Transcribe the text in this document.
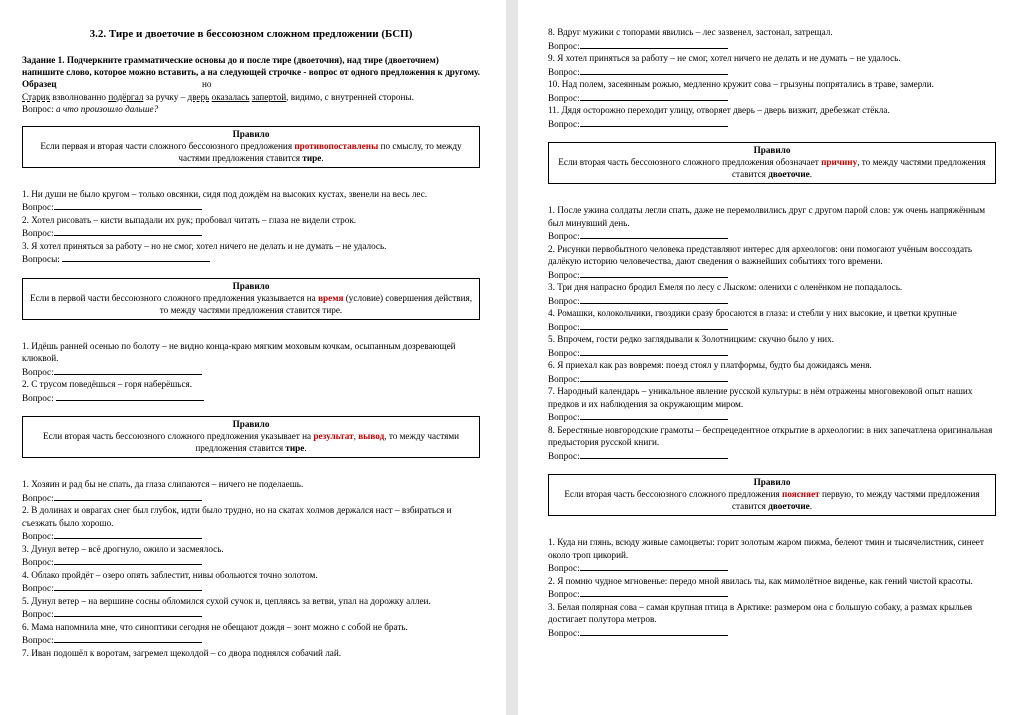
3.2. Тире и двоеточие в бессоюзном сложном предложении (БСП)

Задание 1. Подчеркните грамматические основы до и после тире (двоеточия), над тире (двоеточием) напишите слово, которое можно вставить, а на следующей строчке - вопрос от одного предложения к другому.

Образец	но

Старик взволнованно подёргал за ручку – дверь оказалась запертой, видимо, с внутренней стороны.

Вопрос: а что произошло дальше?

Правило
Если первая и вторая части сложного бессоюзного предложения противопоставлены по смыслу, то между частями предложения ставится тире.

1. Ни души не было кругом – только овсянки, сидя под дождём на высоких кустах, звенели на весь лес.

Вопрос:

2. Хотел рисовать – кисти выпадали их рук; пробовал читать – глаза не видели строк.

Вопрос:

3. Я хотел приняться за работу – но не смог, хотел ничего не делать и не думать – не удалось.

Вопросы:
Правило
Если в первой части бессоюзного сложного предложения указывается на время (условие) совершения действия, то между частями предложения ставится тире.

1. Идёшь ранней осенью по болоту – не видно конца-краю мягким моховым кочкам, осыпанным дозревающей клюквой.

Вопрос:

2. С трусом поведёшься – горя наберёшься.

Вопрос:
Правило
Если вторая часть бессоюзного сложного предложения указывает на результат, вывод, то между частями предложения ставится тире.

1. Хозяин и рад бы не спать, да глаза слипаются – ничего не поделаешь.

Вопрос:

2. В долинах и оврагах снег был глубок, идти было трудно, но на скатах холмов держался наст – взбираться и съезжать было хорошо.

Вопрос:

3. Дунул ветер – всё дрогнуло, ожило и засмеялось.

Вопрос:

4. Облако пройдёт – озеро опять заблестит, нивы обольются точно золотом.

Вопрос:

5. Дунул ветер – на вершине сосны обломился сухой сучок и, цепляясь за ветви, упал на дорожку аллеи.

Вопрос:

6. Мама напомнила мне, что синоптики сегодня не обещают дождя – зонт можно с собой не брать.

Вопрос:

7. Иван подошёл к воротам, загремел щеколдой – со двора поднялся собачий лай.

8. Вдруг мужики с топорами явились – лес зазвенел, застонал, затрещал.

Вопрос:

9. Я хотел приняться за работу – не смог, хотел ничего не делать и не думать – не удалось.

Вопрос:

10. Над полем, засеянным рожью, медленно кружит сова – грызуны попрятались в траве, замерли.

Вопрос:

11. Дядя осторожно переходит улицу, отворяет дверь – дверь визжит, дребезжат стёкла.

Вопрос:
Правило
Если вторая часть бессоюзного сложного предложения обозначает причину, то между частями предложения ставится двоеточие.

1. После ужина солдаты легли спать, даже не перемолвились друг с другом парой слов: уж очень напряжённым был минувший день.

Вопрос:

2. Рисунки первобытного человека представляют интерес для археологов: они помогают учёным воссоздать далёкую историю человечества, дают сведения о важнейших событиях того времени.

Вопрос:

3. Три дня напрасно бродил Емеля по лесу с Лыском: оленихи с оленёнком не попадалось.

Вопрос:

4. Ромашки, колокольчики, гвоздики сразу бросаются в глаза: и стебли у них высокие, и цветки крупные

Вопрос:

5. Впрочем, гости редко заглядывали к Золотницким: скучно было у них.

Вопрос:

6. Я приехал как раз вовремя: поезд стоял у платформы, будто бы дожидаясь меня.

Вопрос:

7. Народный календарь – уникальное явление русской культуры: в нём отражены многовековой опыт наших предков и их наблюдения за окружающим миром.

Вопрос:

8. Берестяные новгородские грамоты – беспрецедентное открытие в археологии: в них запечатлена оригинальная предыстория русской книги.

Вопрос:
Правило
Если вторая часть бессоюзного сложного предложения поясняет первую, то между частями предложения ставится двоеточие.

1. Куда ни глянь, всюду живые самоцветы: горит золотым жаром пижма, белеют тмин и тысячелистник, синеет около троп цикорий.

Вопрос:

2. Я помню чудное мгновенье: передо мной явилась ты, как мимолётное виденье, как гений чистой красоты.

Вопрос:

3. Белая полярная сова – самая крупная птица в Арктике: размером она с большую собаку, а размах крыльев достигает полутора метров.

Вопрос:
